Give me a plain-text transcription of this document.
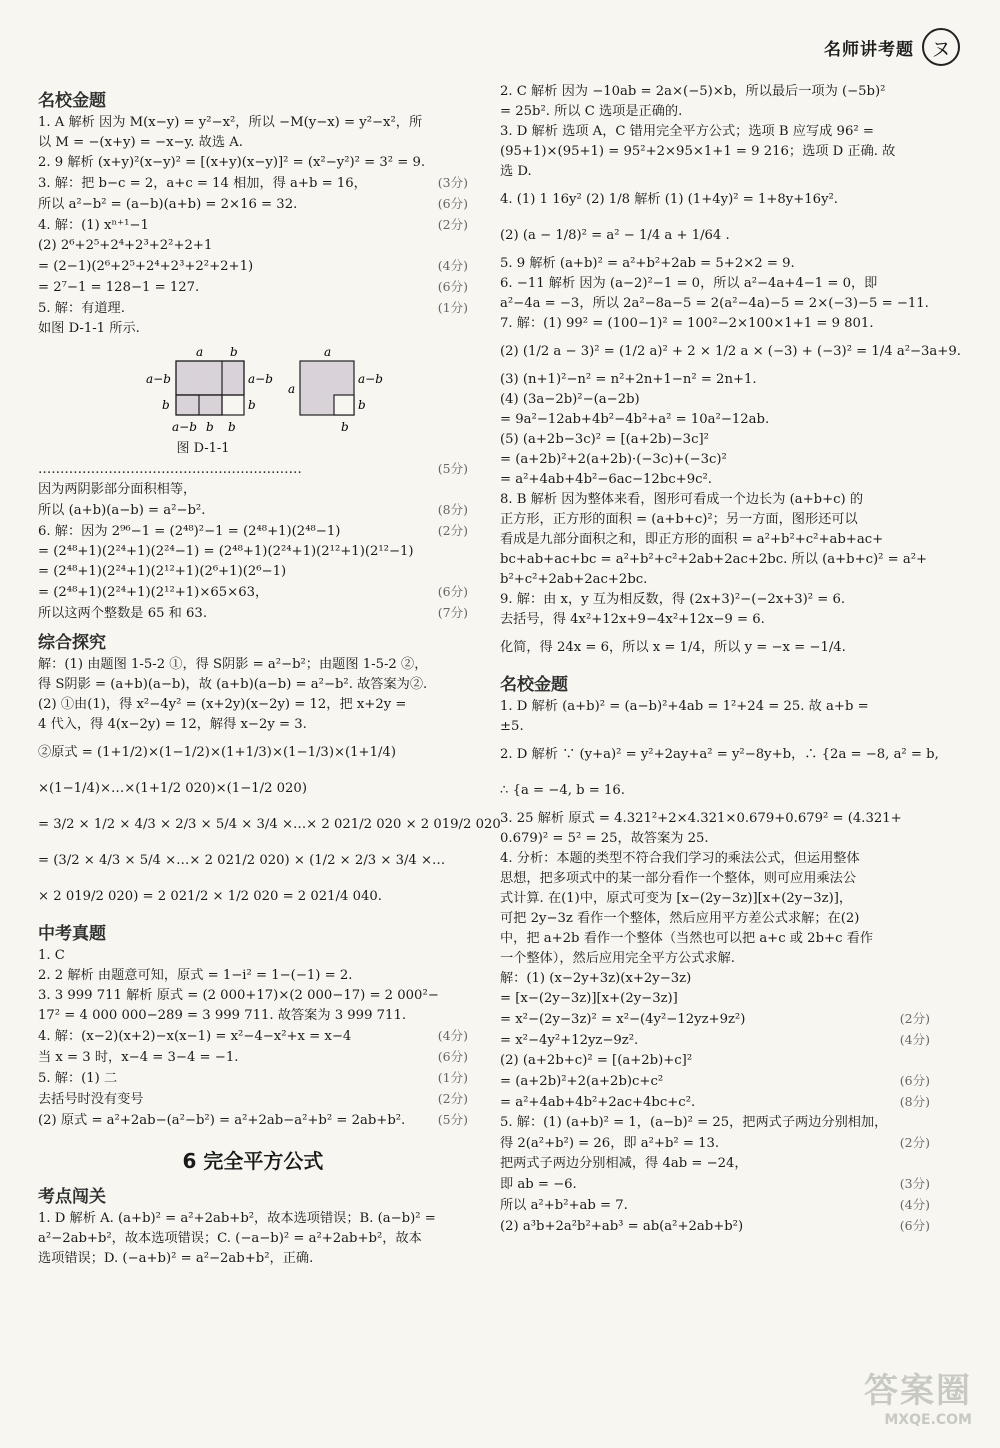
名师讲考题 ヌ
名校金题
1. A 解析 因为 M(x−y) = y²−x²，所以 −M(y−x) = y²−x²，所
以 M = −(x+y) = −x−y. 故选 A.
2. 9 解析 (x+y)²(x−y)² = [(x+y)(x−y)]² = (x²−y²)² = 3² = 9.
3. 解：把 b−c = 2，a+c = 14 相加，得 a+b = 16，	(3分)
所以 a²−b² = (a−b)(a+b) = 2×16 = 32.	(6分)
4. 解：(1) xⁿ⁺¹−1	(2分)
(2) 2⁶+2⁵+2⁴+2³+2²+2+1
= (2−1)(2⁶+2⁵+2⁴+2³+2²+2+1)	(4分)
= 2⁷−1 = 128−1 = 127.	(6分)
5. 解：有道理.	(1分)
如图 D-1-1 所示.
a b
a−b
b
a−b
b
a−b b b
a
a
a−b
b
b
图 D-1-1
……………………………………………………	(5分)
因为两阴影部分面积相等，
所以 (a+b)(a−b) = a²−b².	(8分)
6. 解：因为 2⁹⁶−1 = (2⁴⁸)²−1 = (2⁴⁸+1)(2⁴⁸−1)	(2分)
= (2⁴⁸+1)(2²⁴+1)(2²⁴−1) = (2⁴⁸+1)(2²⁴+1)(2¹²+1)(2¹²−1)
= (2⁴⁸+1)(2²⁴+1)(2¹²+1)(2⁶+1)(2⁶−1)
= (2⁴⁸+1)(2²⁴+1)(2¹²+1)×65×63，	(6分)
所以这两个整数是 65 和 63.	(7分)
综合探究
解：(1) 由题图 1-5-2 ①，得 S阴影 = a²−b²；由题图 1-5-2 ②，
得 S阴影 = (a+b)(a−b)，故 (a+b)(a−b) = a²−b². 故答案为②.
(2) ①由(1)，得 x²−4y² = (x+2y)(x−2y) = 12，把 x+2y =
4 代入，得 4(x−2y) = 12，解得 x−2y = 3.
②原式 = (1+1/2)×(1−1/2)×(1+1/3)×(1−1/3)×(1+1/4)
×(1−1/4)×…×(1+1/2 020)×(1−1/2 020)
= 3/2 × 1/2 × 4/3 × 2/3 × 5/4 × 3/4 ×…× 2 021/2 020 × 2 019/2 020
= (3/2 × 4/3 × 5/4 ×…× 2 021/2 020) × (1/2 × 2/3 × 3/4 ×…
× 2 019/2 020) = 2 021/2 × 1/2 020 = 2 021/4 040.
中考真题
1. C
2. 2 解析 由题意可知，原式 = 1−i² = 1−(−1) = 2.
3. 3 999 711 解析 原式 = (2 000+17)×(2 000−17) = 2 000²−
17² = 4 000 000−289 = 3 999 711. 故答案为 3 999 711.
4. 解：(x−2)(x+2)−x(x−1) = x²−4−x²+x = x−4	(4分)
当 x = 3 时，x−4 = 3−4 = −1.	(6分)
5. 解：(1) 二	(1分)
去括号时没有变号	(2分)
(2) 原式 = a²+2ab−(a²−b²) = a²+2ab−a²+b² = 2ab+b².	(5分)
6 完全平方公式
考点闯关
1. D 解析 A. (a+b)² = a²+2ab+b²，故本选项错误；B. (a−b)² =
a²−2ab+b²，故本选项错误；C. (−a−b)² = a²+2ab+b²，故本
选项错误；D. (−a+b)² = a²−2ab+b²，正确.
2. C 解析 因为 −10ab = 2a×(−5)×b，所以最后一项为 (−5b)²
= 25b². 所以 C 选项是正确的.
3. D 解析 选项 A，C 错用完全平方公式；选项 B 应写成 96² =
(95+1)×(95+1) = 95²+2×95×1+1 = 9 216；选项 D 正确. 故
选 D.
4. (1) 1 16y² (2) 1/8 解析 (1) (1+4y)² = 1+8y+16y².
(2) (a − 1/8)² = a² − 1/4 a + 1/64 .
5. 9 解析 (a+b)² = a²+b²+2ab = 5+2×2 = 9.
6. −11 解析 因为 (a−2)²−1 = 0，所以 a²−4a+4−1 = 0，即
a²−4a = −3，所以 2a²−8a−5 = 2(a²−4a)−5 = 2×(−3)−5 = −11.
7. 解：(1) 99² = (100−1)² = 100²−2×100×1+1 = 9 801.
(2) (1/2 a − 3)² = (1/2 a)² + 2 × 1/2 a × (−3) + (−3)² = 1/4 a²−3a+9.
(3) (n+1)²−n² = n²+2n+1−n² = 2n+1.
(4) (3a−2b)²−(a−2b)
= 9a²−12ab+4b²−4b²+a² = 10a²−12ab.
(5) (a+2b−3c)² = [(a+2b)−3c]²
= (a+2b)²+2(a+2b)·(−3c)+(−3c)²
= a²+4ab+4b²−6ac−12bc+9c².
8. B 解析 因为整体来看，图形可看成一个边长为 (a+b+c) 的
正方形，正方形的面积 = (a+b+c)²；另一方面，图形还可以
看成是九部分面积之和，即正方形的面积 = a²+b²+c²+ab+ac+
bc+ab+ac+bc = a²+b²+c²+2ab+2ac+2bc. 所以 (a+b+c)² = a²+
b²+c²+2ab+2ac+2bc.
9. 解：由 x，y 互为相反数，得 (2x+3)²−(−2x+3)² = 6.
去括号，得 4x²+12x+9−4x²+12x−9 = 6.
化简，得 24x = 6，所以 x = 1/4，所以 y = −x = −1/4.
名校金题
1. D 解析 (a+b)² = (a−b)²+4ab = 1²+24 = 25. 故 a+b =
±5.
2. D 解析 ∵ (y+a)² = y²+2ay+a² = y²−8y+b，∴ {2a = −8, a² = b,
∴ {a = −4, b = 16.
3. 25 解析 原式 = 4.321²+2×4.321×0.679+0.679² = (4.321+
0.679)² = 5² = 25，故答案为 25.
4. 分析：本题的类型不符合我们学习的乘法公式，但运用整体
思想，把多项式中的某一部分看作一个整体，则可应用乘法公
式计算. 在(1)中，原式可变为 [x−(2y−3z)][x+(2y−3z)]，
可把 2y−3z 看作一个整体，然后应用平方差公式求解；在(2)
中，把 a+2b 看作一个整体（当然也可以把 a+c 或 2b+c 看作
一个整体），然后应用完全平方公式求解.
解：(1) (x−2y+3z)(x+2y−3z)
= [x−(2y−3z)][x+(2y−3z)]
= x²−(2y−3z)² = x²−(4y²−12yz+9z²)	(2分)
= x²−4y²+12yz−9z².	(4分)
(2) (a+2b+c)² = [(a+2b)+c]²
= (a+2b)²+2(a+2b)c+c²	(6分)
= a²+4ab+4b²+2ac+4bc+c².	(8分)
5. 解：(1) (a+b)² = 1，(a−b)² = 25，把两式子两边分别相加，
得 2(a²+b²) = 26，即 a²+b² = 13.	(2分)
把两式子两边分别相减，得 4ab = −24，
即 ab = −6.	(3分)
所以 a²+b²+ab = 7.	(4分)
(2) a³b+2a²b²+ab³ = ab(a²+2ab+b²)	(6分)
答案圈
MXQE.COM
